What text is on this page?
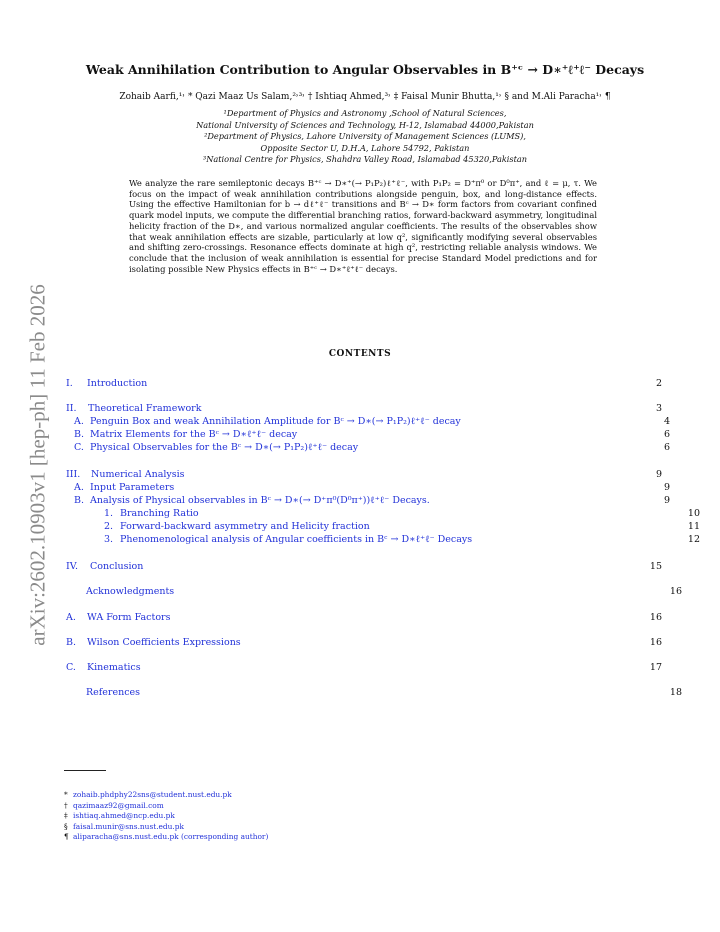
arXiv:2602.10903v1 [hep-ph] 11 Feb 2026
Weak Annihilation Contribution to Angular Observables in B⁺ᶜ → D∗⁺ℓ⁺ℓ⁻ Decays
Zohaib Aarfi,¹˒ * Qazi Maaz Us Salam,²˒³˒ † Ishtiaq Ahmed,³˒ ‡ Faisal Munir Bhutta,¹˒ § and M.Ali Paracha¹˒ ¶
¹Department of Physics and Astronomy ,School of Natural Sciences,
National University of Sciences and Technology, H-12, Islamabad 44000,Pakistan
²Department of Physics, Lahore University of Management Sciences (LUMS),
Opposite Sector U, D.H.A, Lahore 54792, Pakistan
³National Centre for Physics, Shahdra Valley Road, Islamabad 45320,Pakistan
We analyze the rare semileptonic decays B⁺ᶜ → D∗⁺(→ P₁P₂)ℓ⁺ℓ⁻, with P₁P₂ = D⁺π⁰ or D⁰π⁺, and ℓ = μ, τ. We focus on the impact of weak annihilation contributions alongside penguin, box, and long-distance effects. Using the effective Hamiltonian for b → dℓ⁺ℓ⁻ transitions and Bᶜ → D∗ form factors from covariant confined quark model inputs, we compute the differential branching ratios, forward-backward asymmetry, longitudinal helicity fraction of the D∗, and various normalized angular coefficients. The results of the observables show that weak annihilation effects are sizable, particularly at low q², significantly modifying several observables and shifting zero-crossings. Resonance effects dominate at high q², restricting reliable analysis windows. We conclude that the inclusion of weak annihilation is essential for precise Standard Model predictions and for isolating possible New Physics effects in B⁺ᶜ → D∗⁺ℓ⁺ℓ⁻ decays.
CONTENTS
I. Introduction	2
II. Theoretical Framework	3
A. Penguin Box and weak Annihilation Amplitude for Bᶜ → D∗(→ P₁P₂)ℓ⁺ℓ⁻ decay	4
B. Matrix Elements for the Bᶜ → D∗ℓ⁺ℓ⁻ decay	6
C. Physical Observables for the Bᶜ → D∗(→ P₁P₂)ℓ⁺ℓ⁻ decay	6
III. Numerical Analysis	9
A. Input Parameters	9
B. Analysis of Physical observables in Bᶜ → D∗(→ D⁺π⁰(D⁰π⁺))ℓ⁺ℓ⁻ Decays.	9
1. Branching Ratio	10
2. Forward-backward asymmetry and Helicity fraction	11
3. Phenomenological analysis of Angular coefficients in Bᶜ → D∗ℓ⁺ℓ⁻ Decays	12
IV. Conclusion	15
Acknowledgments	16
A. WA Form Factors	16
B. Wilson Coefficients Expressions	16
C. Kinematics	17
References	18
* zohaib.phdphy22sns@student.nust.edu.pk
† qazimaaz92@gmail.com
‡ ishtiaq.ahmed@ncp.edu.pk
§ faisal.munir@sns.nust.edu.pk
¶ aliparacha@sns.nust.edu.pk (corresponding author)
